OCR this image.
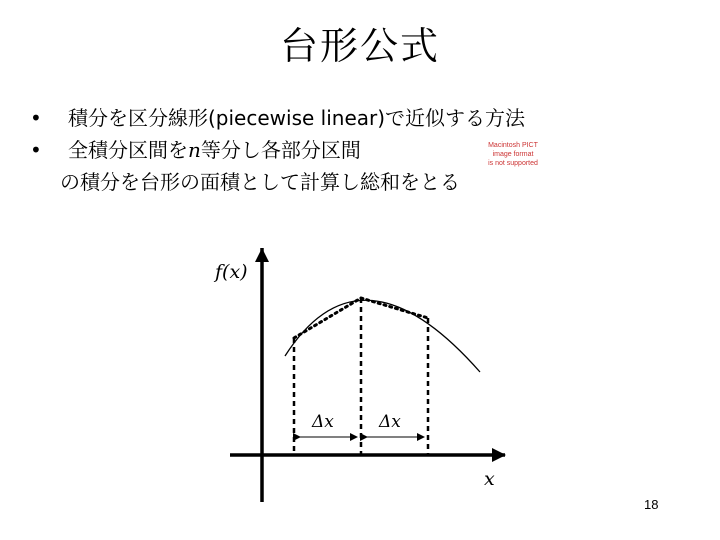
台形公式
• 積分を区分線形(piecewise linear)で近似する方法
• 全積分区間をn等分し各部分区間
の積分を台形の面積として計算し総和をとる
Macintosh PICT
image format
is not supported
f(x)
x
Δx	Δx
18
